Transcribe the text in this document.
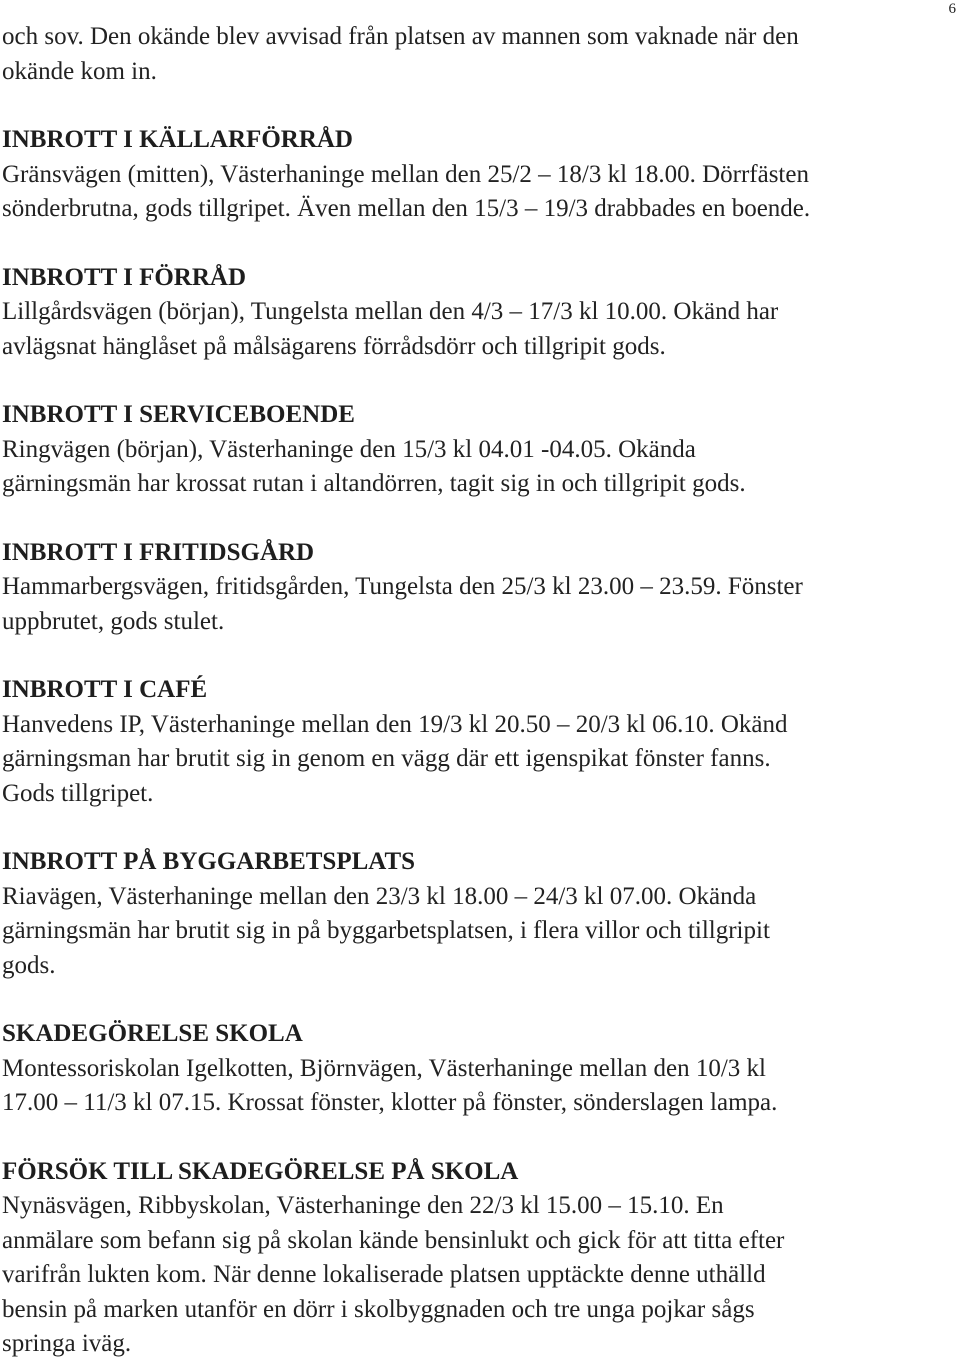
6
och sov. Den okände blev avvisad från platsen av mannen som vaknade när den
okände kom in.
INBROTT I KÄLLARFÖRRÅD
Gränsvägen (mitten), Västerhaninge mellan den 25/2 – 18/3 kl 18.00. Dörrfästen
sönderbrutna, gods tillgripet. Även mellan den 15/3 – 19/3 drabbades en boende.
INBROTT I FÖRRÅD
Lillgårdsvägen (början), Tungelsta mellan den 4/3 – 17/3 kl 10.00. Okänd har
avlägsnat hänglåset på målsägarens förrådsdörr och tillgripit gods.
INBROTT I SERVICEBOENDE
Ringvägen (början), Västerhaninge den 15/3 kl 04.01 -04.05. Okända
gärningsmän har krossat rutan i altandörren, tagit sig in och tillgripit gods.
INBROTT I FRITIDSGÅRD
Hammarbergsvägen, fritidsgården, Tungelsta den 25/3 kl 23.00 – 23.59. Fönster
uppbrutet, gods stulet.
INBROTT I CAFÉ
Hanvedens IP, Västerhaninge mellan den 19/3 kl 20.50 – 20/3 kl 06.10. Okänd
gärningsman har brutit sig in genom en vägg där ett igenspikat fönster fanns.
Gods tillgripet.
INBROTT PÅ BYGGARBETSPLATS
Riavägen, Västerhaninge mellan den 23/3 kl 18.00 – 24/3 kl 07.00. Okända
gärningsmän har brutit sig in på byggarbetsplatsen, i flera villor och tillgripit
gods.
SKADEGÖRELSE SKOLA
Montessoriskolan Igelkotten, Björnvägen, Västerhaninge mellan den 10/3 kl
17.00 – 11/3 kl 07.15. Krossat fönster, klotter på fönster, sönderslagen lampa.
FÖRSÖK TILL SKADEGÖRELSE PÅ SKOLA
Nynäsvägen, Ribbyskolan, Västerhaninge den 22/3 kl 15.00 – 15.10. En
anmälare som befann sig på skolan kände bensinlukt och gick för att titta efter
varifrån lukten kom. När denne lokaliserade platsen upptäckte denne uthälld
bensin på marken utanför en dörr i skolbyggnaden och tre unga pojkar sågs
springa iväg.
